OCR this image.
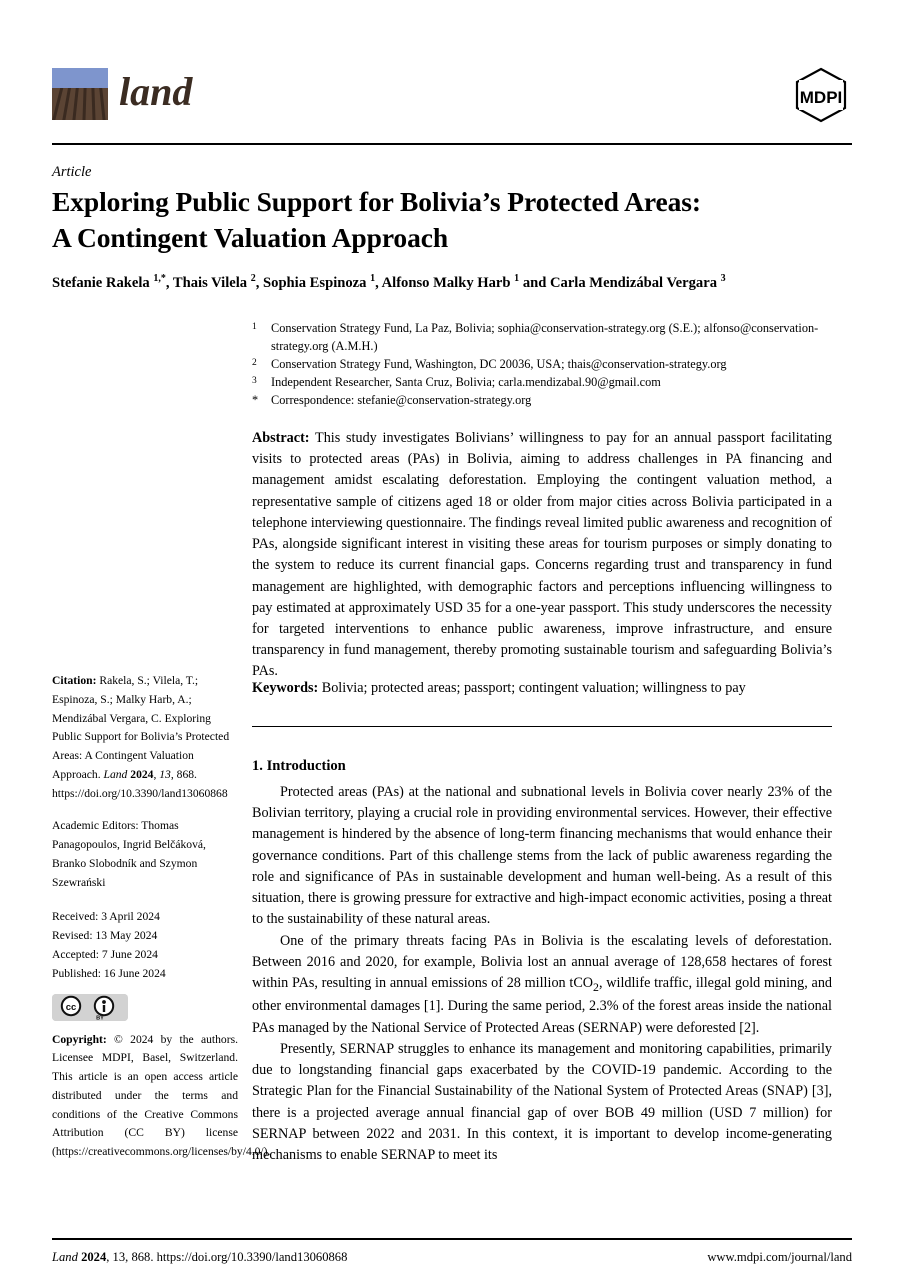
land	MDPI
Article
Exploring Public Support for Bolivia’s Protected Areas:
A Contingent Valuation Approach
Stefanie Rakela $^{1,*}$, Thais Vilela $^2$, Sophia Espinoza $^1$, Alfonso Malky Harb $^1$ and Carla Mendizábal Vergara $^3$
1	Conservation Strategy Fund, La Paz, Bolivia; sophia@conservation-strategy.org (S.E.); alfonso@conservation-strategy.org (A.M.H.)
2	Conservation Strategy Fund, Washington, DC 20036, USA; thais@conservation-strategy.org
3	Independent Researcher, Santa Cruz, Bolivia; carla.mendizabal.90@gmail.com
*	Correspondence: stefanie@conservation-strategy.org
Abstract: This study investigates Bolivians’ willingness to pay for an annual passport facilitating visits to protected areas (PAs) in Bolivia, aiming to address challenges in PA financing and management amidst escalating deforestation. Employing the contingent valuation method, a representative sample of citizens aged 18 or older from major cities across Bolivia participated in a telephone interviewing questionnaire. The findings reveal limited public awareness and recognition of PAs, alongside significant interest in visiting these areas for tourism purposes or simply donating to the system to reduce its current financial gaps. Concerns regarding trust and transparency in fund management are highlighted, with demographic factors and perceptions influencing willingness to pay estimated at approximately USD 35 for a one-year passport. This study underscores the necessity for targeted interventions to enhance public awareness, improve infrastructure, and ensure transparency in fund management, thereby promoting sustainable tourism and safeguarding Bolivia’s PAs.
Keywords: Bolivia; protected areas; passport; contingent valuation; willingness to pay
1. Introduction

Protected areas (PAs) at the national and subnational levels in Bolivia cover nearly 23% of the Bolivian territory, playing a crucial role in providing environmental services. However, their effective management is hindered by the absence of long-term financing mechanisms that would enhance their governance conditions. Part of this challenge stems from the lack of public awareness regarding the role and significance of PAs in sustainable development and human well-being. As a result of this situation, there is growing pressure for extractive and high-impact economic activities, posing a threat to the sustainability of these natural areas.

One of the primary threats facing PAs in Bolivia is the escalating levels of deforestation. Between 2016 and 2020, for example, Bolivia lost an annual average of 128,658 hectares of forest within PAs, resulting in annual emissions of 28 million tCO$_2$, wildlife traffic, illegal gold mining, and other environmental damages [1]. During the same period, 2.3% of the forest areas inside the national PAs managed by the National Service of Protected Areas (SERNAP) were deforested [2].

Presently, SERNAP struggles to enhance its management and monitoring capabilities, primarily due to longstanding financial gaps exacerbated by the COVID-19 pandemic. According to the Strategic Plan for the Financial Sustainability of the National System of Protected Areas (SNAP) [3], there is a projected average annual financial gap of over BOB 49 million (USD 7 million) for SERNAP between 2022 and 2031. In this context, it is important to develop income-generating mechanisms to enable SERNAP to meet its

Citation: Rakela, S.; Vilela, T.; Espinoza, S.; Malky Harb, A.; Mendizábal Vergara, C. Exploring Public Support for Bolivia’s Protected Areas: A Contingent Valuation Approach. Land 2024, 13, 868. https://doi.org/10.3390/land13060868
Academic Editors: Thomas Panagopoulos, Ingrid Belčáková, Branko Slobodník and Szymon Szewrański
Received: 3 April 2024
Revised: 13 May 2024
Accepted: 7 June 2024
Published: 16 June 2024
cc
BY
Copyright: © 2024 by the authors. Licensee MDPI, Basel, Switzerland. This article is an open access article distributed under the terms and conditions of the Creative Commons Attribution (CC BY) license (https://creativecommons.org/licenses/by/4.0/).
Land 2024, 13, 868. https://doi.org/10.3390/land13060868	www.mdpi.com/journal/land
